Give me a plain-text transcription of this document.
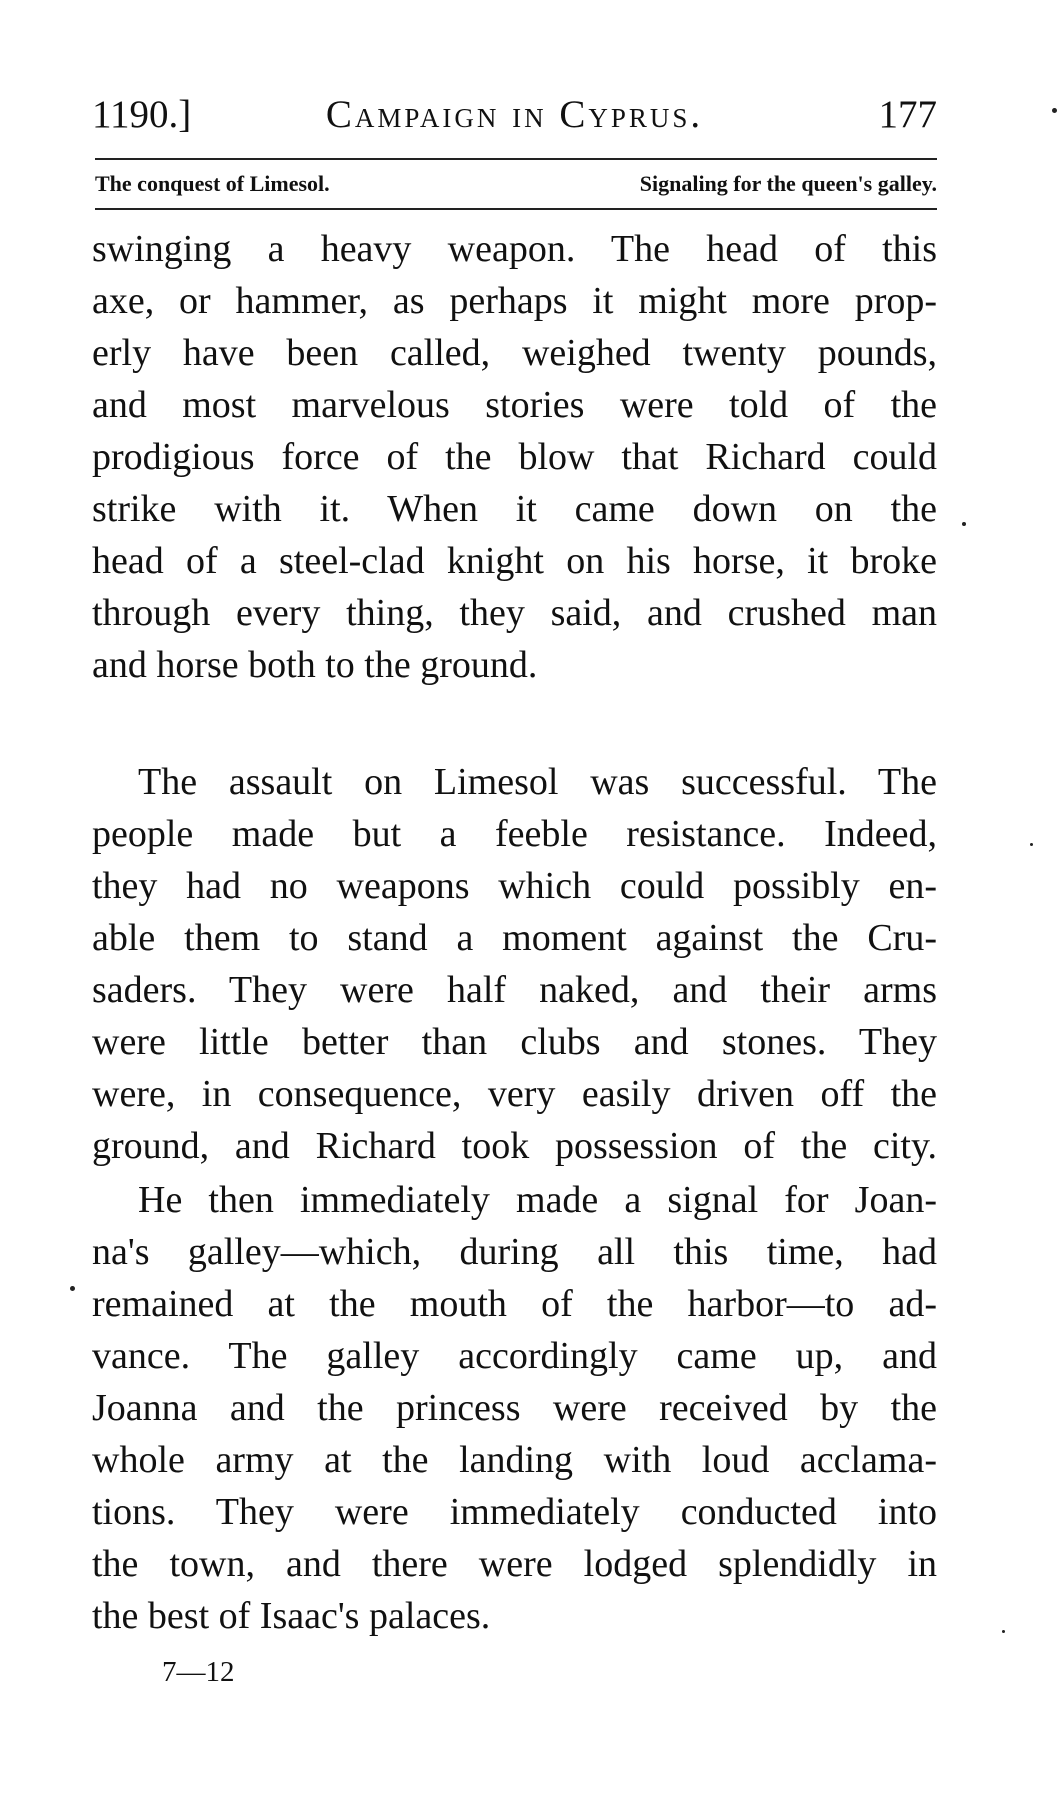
1190.]	Campaign in Cyprus.	177
The conquest of Limesol.	Signaling for the queen's galley.
swinging a heavy weapon. The head of this
axe, or hammer, as perhaps it might more prop-
erly have been called, weighed twenty pounds,
and most marvelous stories were told of the
prodigious force of the blow that Richard could
strike with it. When it came down on the
head of a steel-clad knight on his horse, it broke
through every thing, they said, and crushed man
and horse both to the ground.
The assault on Limesol was successful. The
people made but a feeble resistance. Indeed,
they had no weapons which could possibly en-
able them to stand a moment against the Cru-
saders. They were half naked, and their arms
were little better than clubs and stones. They
were, in consequence, very easily driven off the
ground, and Richard took possession of the city.
He then immediately made a signal for Joan-
na's galley—which, during all this time, had
remained at the mouth of the harbor—to ad-
vance. The galley accordingly came up, and
Joanna and the princess were received by the
whole army at the landing with loud acclama-
tions. They were immediately conducted into
the town, and there were lodged splendidly in
the best of Isaac's palaces.
7—12
